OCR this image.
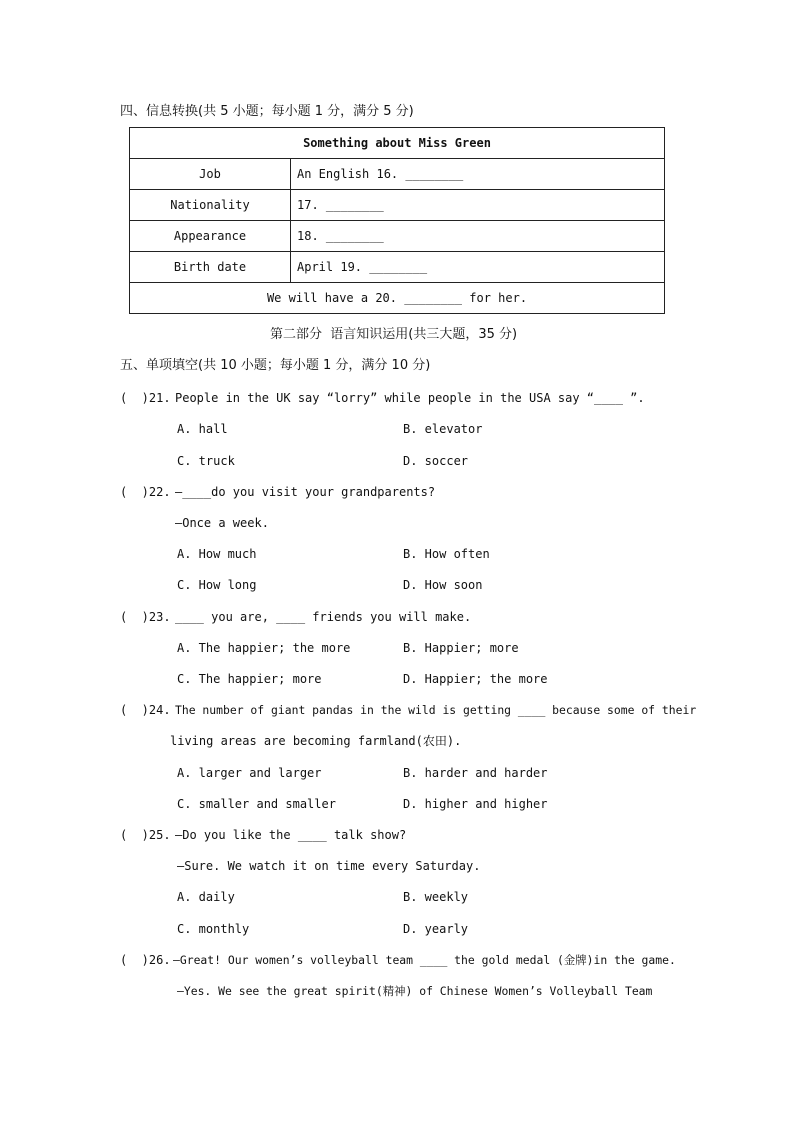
四、信息转换(共 5 小题；每小题 1 分，满分 5 分)
Something about Miss Green	
Job	An English 16. ________
Nationality	17. ________
Appearance	18. ________
Birth date	April 19. ________
We will have a 20. ________ for her.	
第二部分  语言知识运用(共三大题，35 分)
五、单项填空(共 10 小题；每小题 1 分，满分 10 分)
(  )21. People in the UK say “lorry” while people in the USA say “____ ”.
A. hall	B. elevator
C. truck	D. soccer
(  )22. —____do you visit your grandparents?
—Once a week.
A. How much	B. How often
C. How long	D. How soon
(  )23. ____ you are, ____ friends you will make.
A. The happier; the more	B. Happier; more
C. The happier; more	D. Happier; the more
(  )24. The number of giant pandas in the wild is getting ____ because some of their
living areas are becoming farmland(农田).
A. larger and larger	B. harder and harder
C. smaller and smaller	D. higher and higher
(  )25. —Do you like the ____ talk show?
—Sure. We watch it on time every Saturday.
A. daily	B. weekly
C. monthly	D. yearly
(  )26. —Great! Our women’s volleyball team ____ the gold medal (金牌)in the game.
—Yes. We see the great spirit(精神) of Chinese Women’s Volleyball Team
